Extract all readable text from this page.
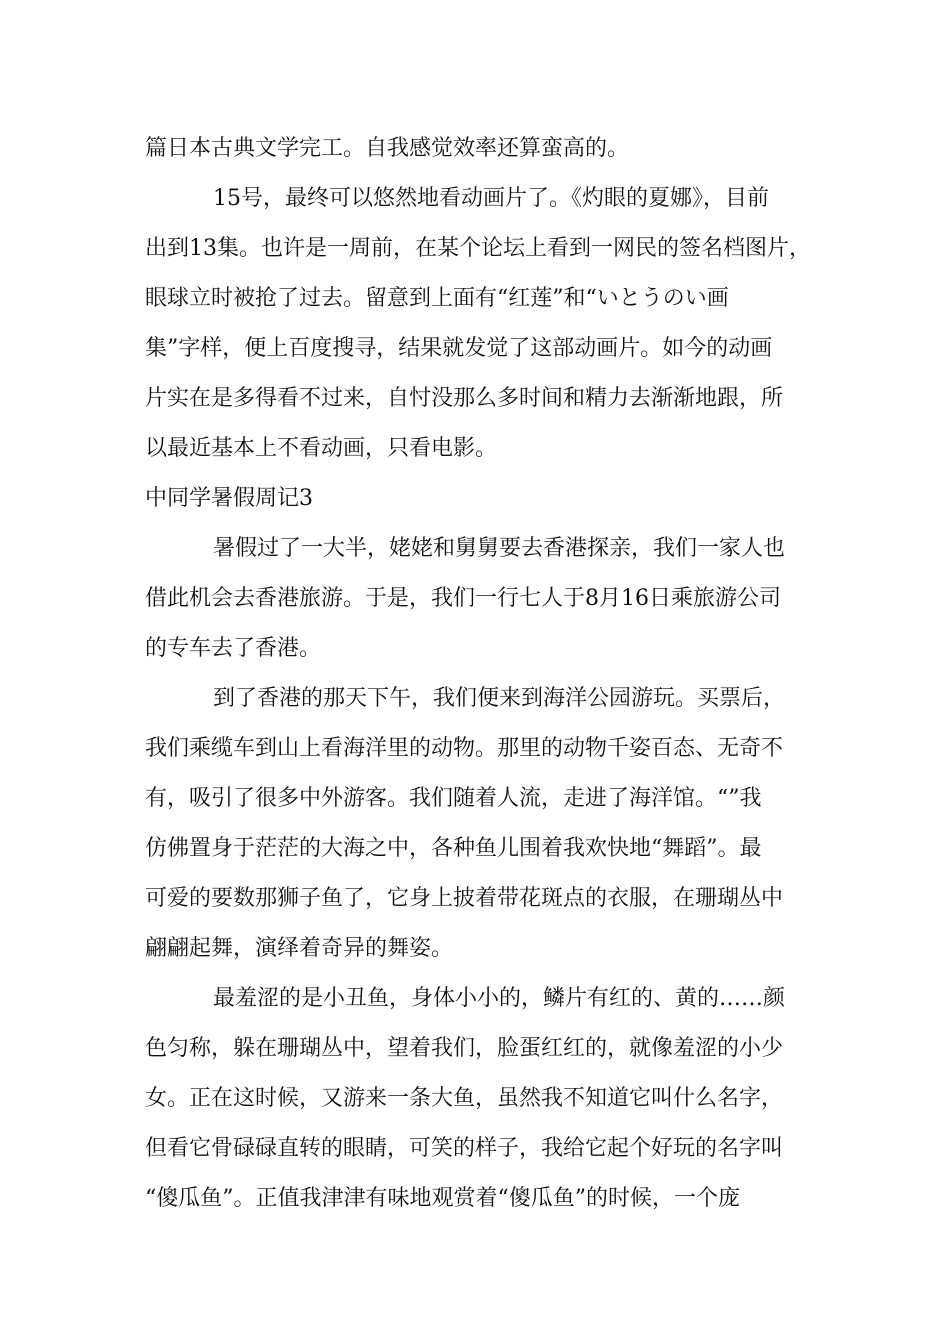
篇日本古典文学完工。自我感觉效率还算蛮高的。
15号，最终可以悠然地看动画片了。《灼眼的夏娜》，目前
出到13集。也许是一周前，在某个论坛上看到一网民的签名档图片，
眼球立时被抢了过去。留意到上面有“红莲”和“いとうのい画
集”字样，便上百度搜寻，结果就发觉了这部动画片。如今的动画
片实在是多得看不过来，自忖没那么多时间和精力去渐渐地跟，所
以最近基本上不看动画，只看电影。
中同学暑假周记3
暑假过了一大半，姥姥和舅舅要去香港探亲，我们一家人也
借此机会去香港旅游。于是，我们一行七人于8月16日乘旅游公司
的专车去了香港。
到了香港的那天下午，我们便来到海洋公园游玩。买票后，
我们乘缆车到山上看海洋里的动物。那里的动物千姿百态、无奇不
有，吸引了很多中外游客。我们随着人流，走进了海洋馆。“”我
仿佛置身于茫茫的大海之中，各种鱼儿围着我欢快地“舞蹈”。最
可爱的要数那狮子鱼了，它身上披着带花斑点的衣服，在珊瑚丛中
翩翩起舞，演绎着奇异的舞姿。
最羞涩的是小丑鱼，身体小小的，鳞片有红的、黄的……颜
色匀称，躲在珊瑚丛中，望着我们，脸蛋红红的，就像羞涩的小少
女。正在这时候，又游来一条大鱼，虽然我不知道它叫什么名字，
但看它骨碌碌直转的眼睛，可笑的样子，我给它起个好玩的名字叫
“傻瓜鱼”。正值我津津有味地观赏着“傻瓜鱼”的时候，一个庞
